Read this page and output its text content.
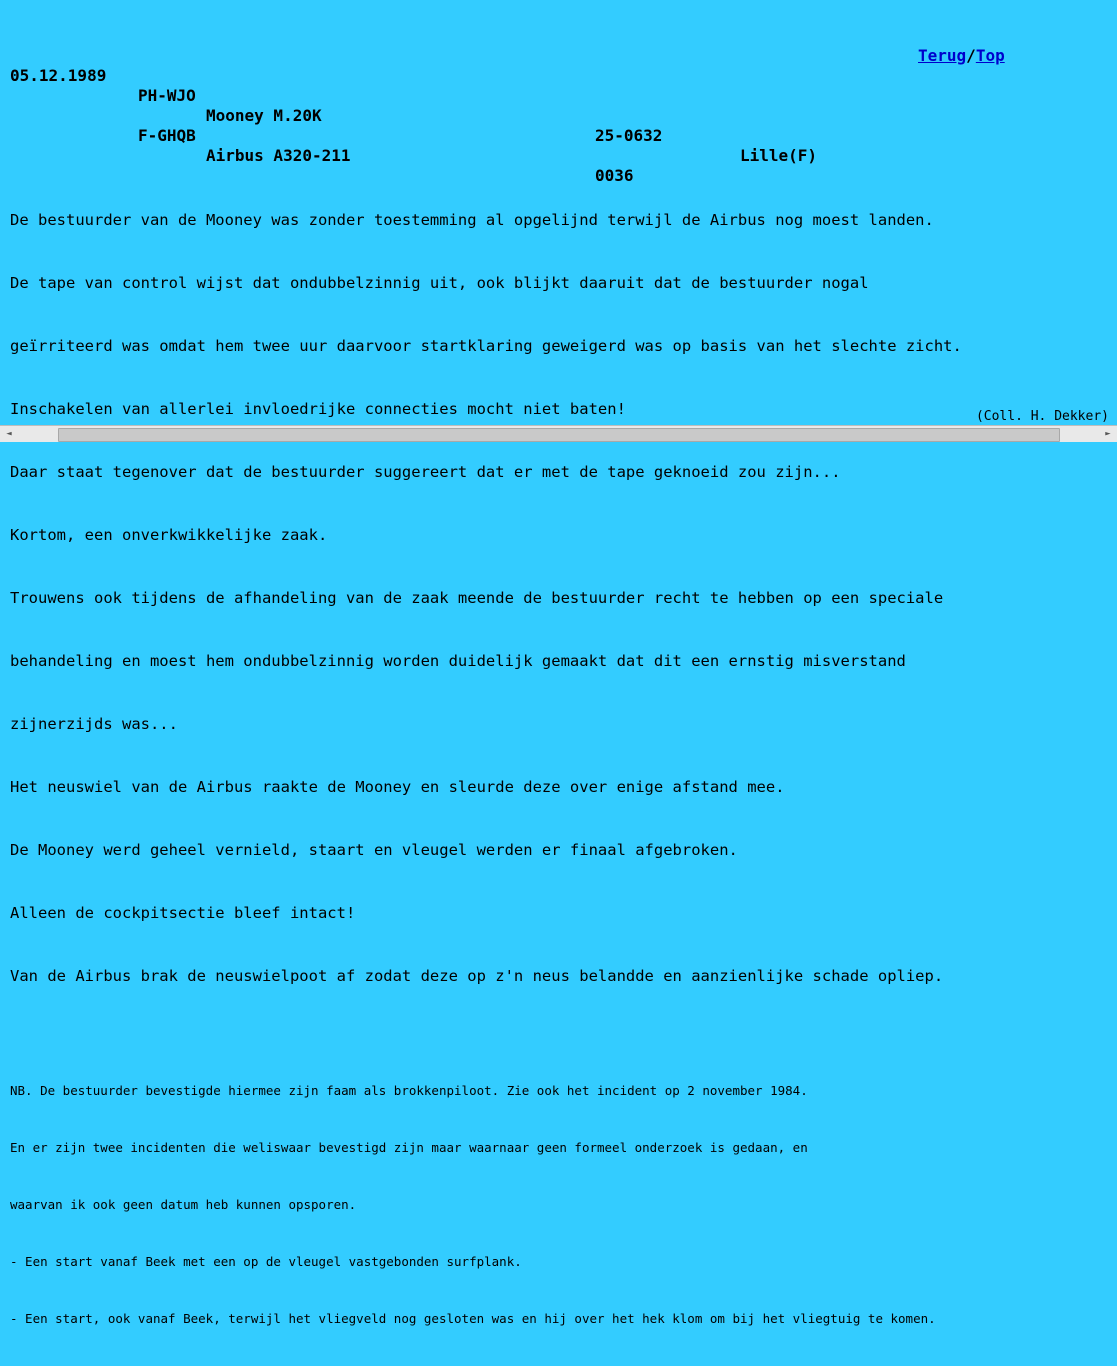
05.12.1989

PH-WJO

Mooney M.20K

25-0632

Lille(F)

Terug/Top

F-GHQB

Airbus A320-211

0036

De bestuurder van de Mooney was zonder toestemming al opgelijnd terwijl de Airbus nog moest landen.

De tape van control wijst dat ondubbelzinnig uit, ook blijkt daaruit dat de bestuurder nogal

geïrriteerd was omdat hem twee uur daarvoor startklaring geweigerd was op basis van het slechte zicht.

Inschakelen van allerlei invloedrijke connecties mocht niet baten!

Daar staat tegenover dat de bestuurder suggereert dat er met de tape geknoeid zou zijn...

Kortom, een onverkwikkelijke zaak.

Trouwens ook tijdens de afhandeling van de zaak meende de bestuurder recht te hebben op een speciale

behandeling en moest hem ondubbelzinnig worden duidelijk gemaakt dat dit een ernstig misverstand

zijnerzijds was...

Het neuswiel van de Airbus raakte de Mooney en sleurde deze over enige afstand mee.

De Mooney werd geheel vernield, staart en vleugel werden er finaal afgebroken.

Alleen de cockpitsectie bleef intact!

Van de Airbus brak de neuswielpoot af zodat deze op z'n neus belandde en aanzienlijke schade opliep.

NB. De bestuurder bevestigde hiermee zijn faam als brokkenpiloot. Zie ook het incident op 2 november 1984.

En er zijn twee incidenten die weliswaar bevestigd zijn maar waarnaar geen formeel onderzoek is gedaan, en

waarvan ik ook geen datum heb kunnen opsporen.

- Een start vanaf Beek met een op de vleugel vastgebonden surfplank.

- Een start, ook vanaf Beek, terwijl het vliegveld nog gesloten was en hij over het hek klom om bij het vliegtuig te komen.

(Coll. H. Dekker)
◄	►
